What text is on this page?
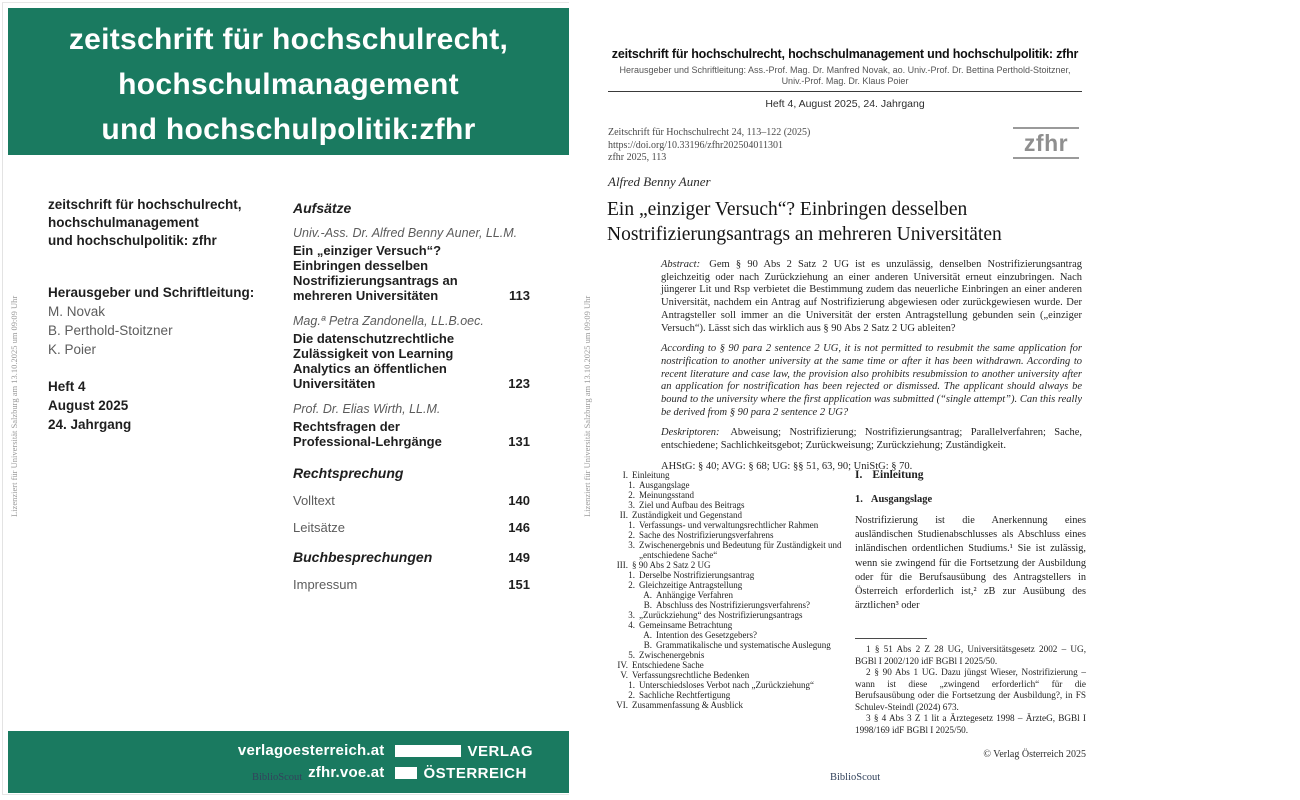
zeitschrift für hochschulrecht,
hochschulmanagement
und hochschulpolitik:zfhr
zeitschrift für hochschulrecht,
hochschulmanagement
und hochschulpolitik: zfhr
Herausgeber und Schriftleitung:
M. Novak
B. Perthold-Stoitzner
K. Poier
Heft 4
August 2025
24. Jahrgang
Aufsätze
Univ.-Ass. Dr. Alfred Benny Auner, LL.M.
Ein „einziger Versuch“? Einbringen desselben Nostrifizierungsantrags an mehreren Universitäten	113
Mag.ª Petra Zandonella, LL.B.oec.
Die datenschutzrechtliche Zulässigkeit von Learning Analytics an öffentlichen Universitäten	123
Prof. Dr. Elias Wirth, LL.M.
Rechtsfragen der Professional-Lehrgänge	131
Rechtsprechung
Volltext	140
Leitsätze	146
Buchbesprechungen	149
Impressum	151
verlagoesterreich.at
zfhr.voe.at
VERLAG
ÖSTERREICH
Lizenziert für Universität Salzburg am 13.10.2025 um 09:09 Uhr	Lizenziert für Universität Salzburg am 13.10.2025 um 09:09 Uhr
BiblioScout	BiblioScout
zeitschrift für hochschulrecht, hochschulmanagement und hochschulpolitik: zfhr
Herausgeber und Schriftleitung: Ass.-Prof. Mag. Dr. Manfred Novak, ao. Univ.-Prof. Dr. Bettina Perthold-Stoitzner,
Univ.-Prof. Mag. Dr. Klaus Poier
Heft 4, August 2025, 24. Jahrgang
Zeitschrift für Hochschulrecht 24, 113–122 (2025)
https://doi.org/10.33196/zfhr202504011301
zfhr 2025, 113
zfhr
Alfred Benny Auner
Ein „einziger Versuch“? Einbringen desselben
Nostrifizierungsantrags an mehreren Universitäten

Abstract: Gem § 90 Abs 2 Satz 2 UG ist es unzulässig, denselben Nostrifizierungsantrag gleichzeitig oder nach Zurückziehung an einer anderen Universität erneut einzubringen. Nach jüngerer Lit und Rsp verbietet die Bestimmung zudem das neuerliche Einbringen an einer anderen Universität, nachdem ein Antrag auf Nostrifizierung abgewiesen oder zurückgewiesen wurde. Der Antragsteller soll immer an die Universität der ersten Antragstellung gebunden sein („einziger Versuch“). Lässt sich das wirklich aus § 90 Abs 2 Satz 2 UG ableiten?

According to § 90 para 2 sentence 2 UG, it is not permitted to resubmit the same application for nostrification to another university at the same time or after it has been withdrawn. According to recent literature and case law, the provision also prohibits resubmission to another university after an application for nostrification has been rejected or dismissed. The applicant should always be bound to the university where the first application was submitted (“single attempt”). Can this really be derived from § 90 para 2 sentence 2 UG?

Deskriptoren: Abweisung; Nostrifizierung; Nostrifizierungsantrag; Parallelverfahren; Sache, entschiedene; Sachlichkeitsgebot; Zurückweisung; Zurückziehung; Zuständigkeit.

AHStG: § 40; AVG: § 68; UG: §§ 51, 63, 90; UniStG: § 70.

I. Einleitung
1. Ausgangslage
2. Meinungsstand
3. Ziel und Aufbau des Beitrags
II. Zuständigkeit und Gegenstand
1. Verfassungs- und verwaltungsrechtlicher Rahmen
2. Sache des Nostrifizierungsverfahrens
3. Zwischenergebnis und Bedeutung für Zuständigkeit und „entschiedene Sache“
III. § 90 Abs 2 Satz 2 UG
1. Derselbe Nostrifizierungsantrag
2. Gleichzeitige Antragstellung
A. Anhängige Verfahren
B. Abschluss des Nostrifizierungsverfahrens?
3. „Zurückziehung“ des Nostrifizierungsantrags
4. Gemeinsame Betrachtung
A. Intention des Gesetzgebers?
B. Grammatikalische und systematische Auslegung
5. Zwischenergebnis
IV. Entschiedene Sache
V. Verfassungsrechtliche Bedenken
1. Unterschiedsloses Verbot nach „Zurückziehung“
2. Sachliche Rechtfertigung
VI. Zusammenfassung & Ausblick
I. Einleitung
1. Ausgangslage

Nostrifizierung ist die Anerkennung eines ausländischen Studienabschlusses als Abschluss eines inländischen ordentlichen Studiums.¹ Sie ist zulässig, wenn sie zwingend für die Fortsetzung der Ausbildung oder für die Berufsausübung des Antragstellers in Österreich erforderlich ist,² zB zur Ausübung des ärztlichen³ oder

1 § 51 Abs 2 Z 28 UG, Universitätsgesetz 2002 – UG, BGBl I 2002/120 idF BGBl I 2025/50.

2 § 90 Abs 1 UG. Dazu jüngst Wieser, Nostrifizierung – wann ist diese „zwingend erforderlich“ für die Berufsausübung oder die Fortsetzung der Ausbildung?, in FS Schulev-Steindl (2024) 673.

3 § 4 Abs 3 Z 1 lit a Ärztegesetz 1998 – ÄrzteG, BGBl I 1998/169 idF BGBl I 2025/50.

© Verlag Österreich 2025
